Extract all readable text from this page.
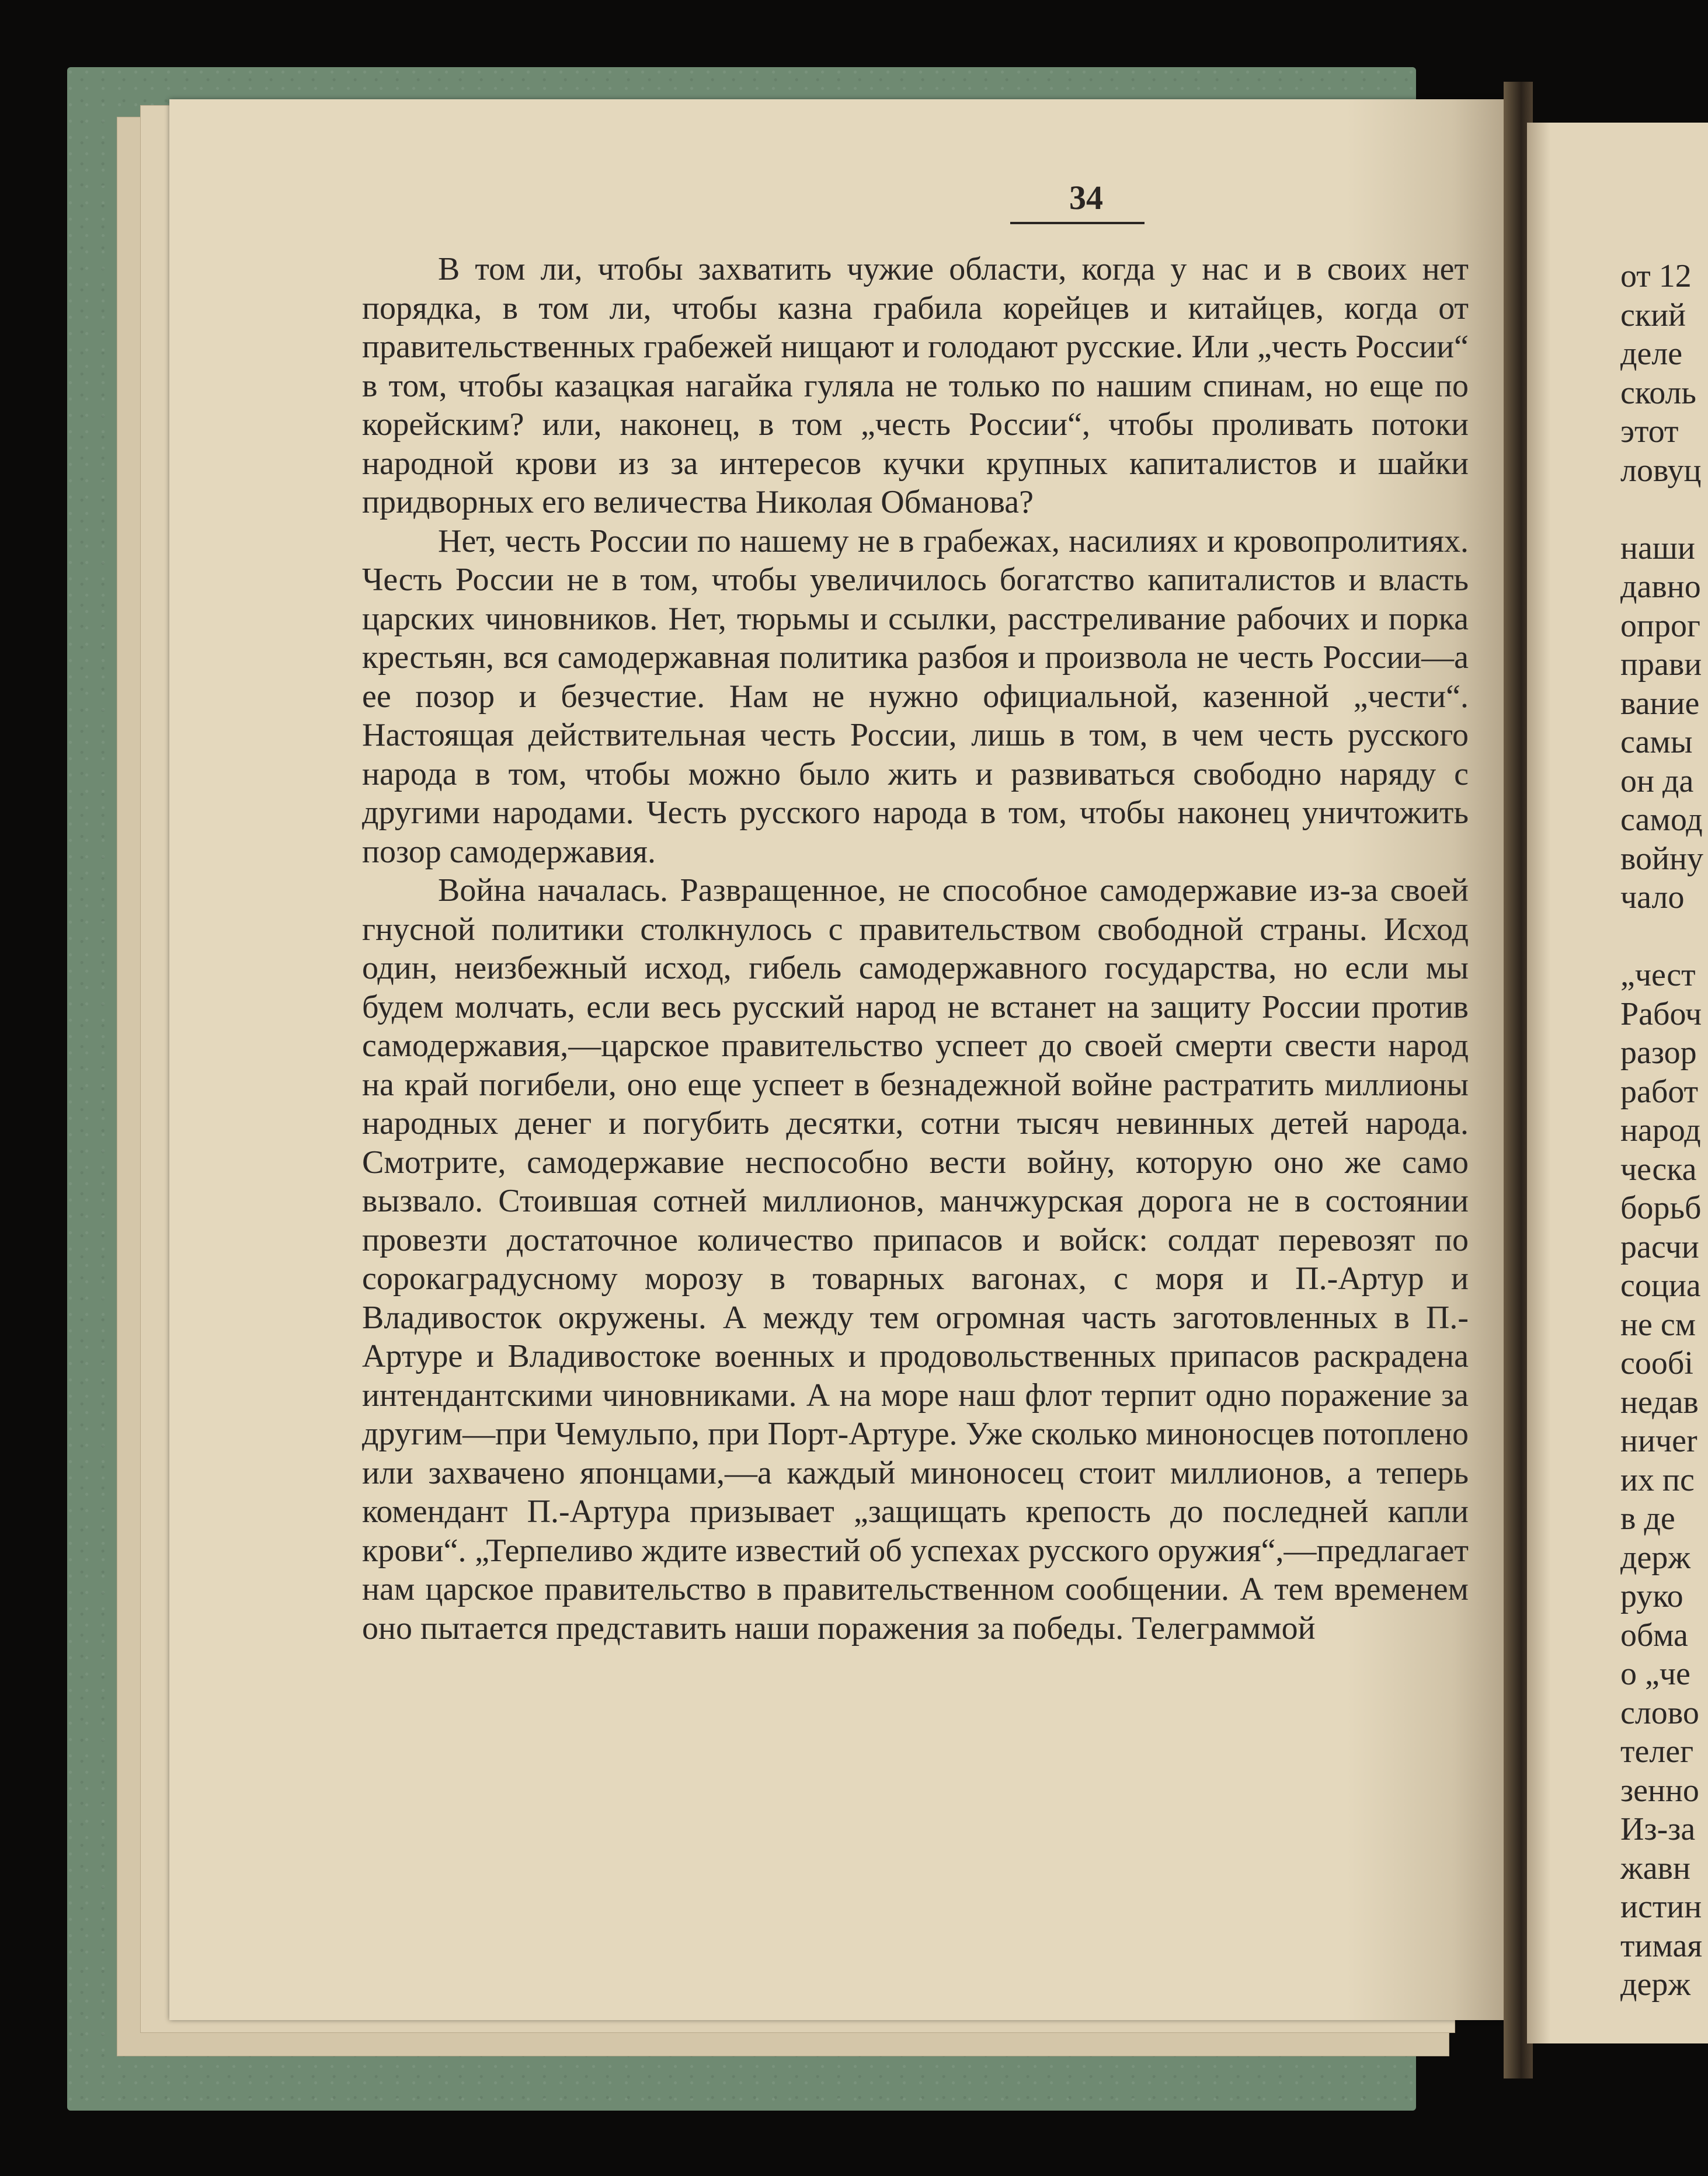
34

В том ли, чтобы захватить чужие области, когда у нас и в своих нет порядка, в том ли, чтобы казна грабила корейцев и китайцев, когда от правительственных грабежей нищают и голодают русские. Или „честь России“ в том, чтобы казацкая нагайка гуляла не только по нашим спинам, но еще по корейским? или, наконец, в том „честь России“, чтобы проливать потоки народной крови из за интересов кучки крупных капиталистов и шайки придворных его величества Николая Обманова?

Нет, честь России по нашему не в грабежах, насилиях и кровопролитиях. Честь России не в том, чтобы увеличилось богатство капиталистов и власть царских чиновников. Нет, тюрьмы и ссылки, расстреливание рабочих и порка крестьян, вся самодержавная политика разбоя и произвола не честь России—а ее позор и безчестие. Нам не нужно официальной, казенной „чести“. Настоящая действительная честь России, лишь в том, в чем честь русского народа в том, чтобы можно было жить и развиваться свободно наряду с другими народами. Честь русского народа в том, чтобы наконец уничтожить позор самодержавия.

Война началась. Развращенное, не способное самодержавие из-за своей гнусной политики столкнулось с правительством свободной страны. Исход один, неизбежный исход, гибель самодержавного государства, но если мы будем молчать, если весь русский народ не встанет на защиту России против самодержавия,—царское правительство успеет до своей смерти свести народ на край погибели, оно еще успеет в безнадежной войне растратить миллионы народных денег и погубить десятки, сотни тысяч невинных детей народа. Смотрите, самодержавие неспособно вести войну, которую оно же само вызвало. Стоившая сотней миллионов, манчжурская дорога не в состоянии провезти достаточное количество припасов и войск: солдат перевозят по сорокаградусному морозу в товарных вагонах, с моря и П.-Артур и Владивосток окружены. А между тем огромная часть заготовленных в П.-Артуре и Владивостоке военных и продовольственных припасов раскрадена интендантскими чиновниками. А на море наш флот терпит одно поражение за другим—при Чемульпо, при Порт-Артуре. Уже сколько миноносцев потоплено или захвачено японцами,—а каждый миноносец стоит миллионов, а теперь комендант П.-Артура призывает „защищать крепость до последней капли крови“. „Терпеливо ждите известий об успехах русского оружия“,—предлагает нам царское правительство в правительственном сообщении. А тем временем оно пытается представить наши поражения за победы. Телеграммой

от 12
ский
деле
сколь
этот
ловуц
наши
давно
опрог
прави
вание
самы
он да
самод
войну
чало
„чест
Рабоч
разор
работ
народ
ческа
борьб
расчи
социа
не см
сообі
недав
ничеr
их пс
в де
держ
руко
обма
о „че
слово
телег
зенно
Из-за
жавн
истин
тимая
держ
